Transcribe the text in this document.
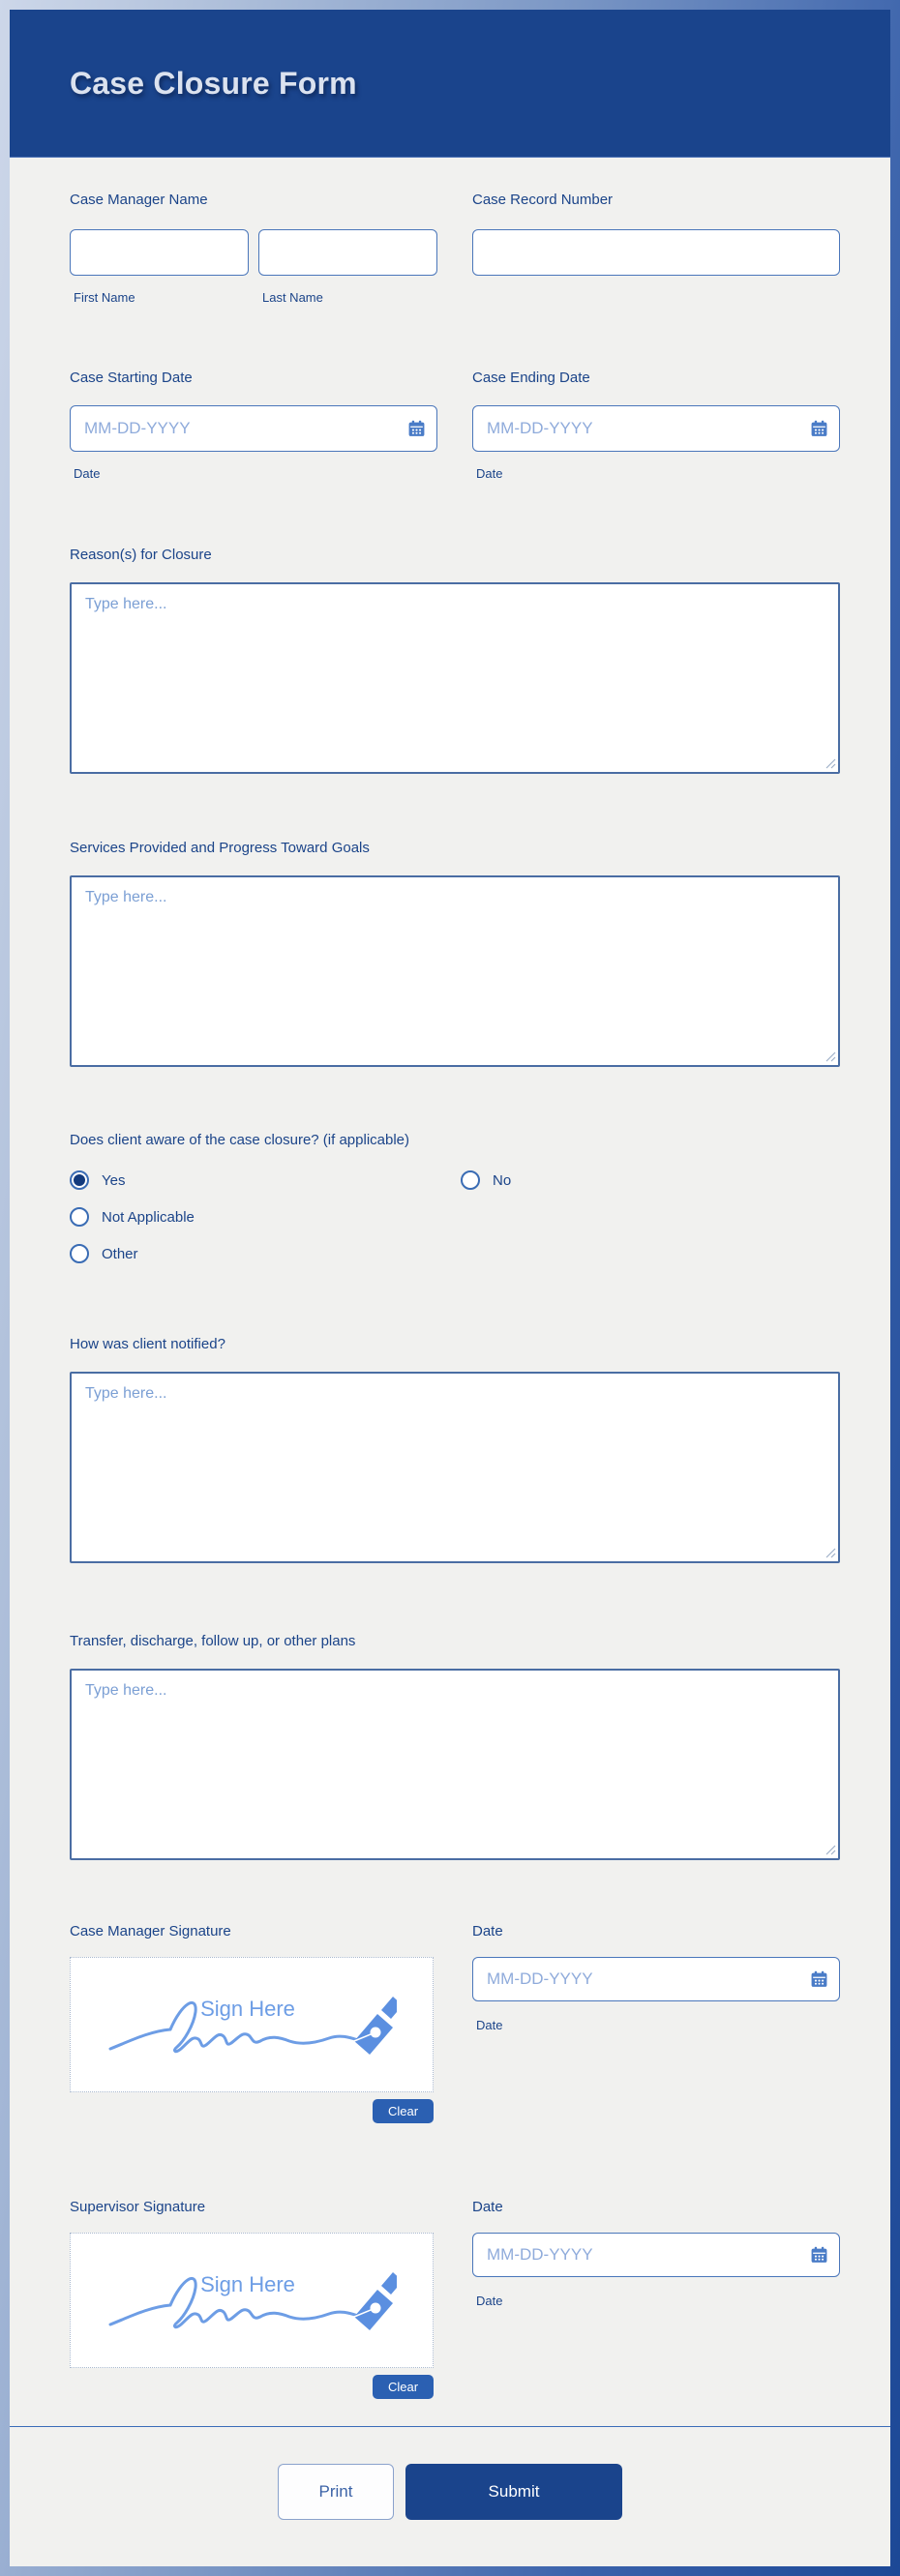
Case Closure Form
Case Manager Name
First Name	Last Name
Case Record Number
Case Starting Date
MM-DD-YYYY
Date
Case Ending Date
MM-DD-YYYY
Date
Reason(s) for Closure
Type here...
Services Provided and Progress Toward Goals
Type here...
Does client aware of the case closure? (if applicable)
Yes	No
Not Applicable
Other
How was client notified?
Type here...
Transfer, discharge, follow up, or other plans
Type here...
Case Manager Signature
Sign Here
Clear
Date
MM-DD-YYYY
Date
Supervisor Signature
Sign Here
Clear
Date
MM-DD-YYYY
Date
Print	Submit
